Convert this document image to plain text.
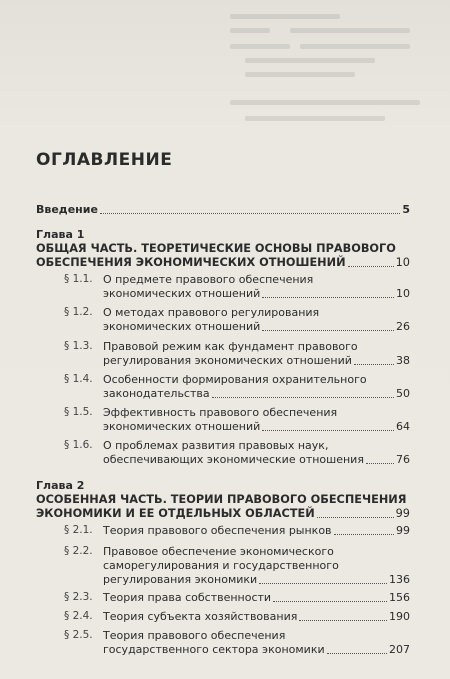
ОГЛАВЛЕНИЕ
Введение	5
Глава 1
ОБЩАЯ ЧАСТЬ. ТЕОРЕТИЧЕСКИЕ ОСНОВЫ ПРАВОВОГО
ОБЕСПЕЧЕНИЯ ЭКОНОМИЧЕСКИХ ОТНОШЕНИЙ	10
§ 1.1. О предмете правового обеспечения
экономических отношений	10
§ 1.2. О методах правового регулирования
экономических отношений	26
§ 1.3. Правовой режим как фундамент правового
регулирования экономических отношений	38
§ 1.4. Особенности формирования охранительного
законодательства	50
§ 1.5. Эффективность правового обеспечения
экономических отношений	64
§ 1.6. О проблемах развития правовых наук,
обеспечивающих экономические отношения	76
Глава 2
ОСОБЕННАЯ ЧАСТЬ. ТЕОРИИ ПРАВОВОГО ОБЕСПЕЧЕНИЯ
ЭКОНОМИКИ И ЕЕ ОТДЕЛЬНЫХ ОБЛАСТЕЙ	99
§ 2.1. Теория правового обеспечения рынков	99
§ 2.2. Правовое обеспечение экономического
саморегулирования и государственного
регулирования экономики	136
§ 2.3. Теория права собственности	156
§ 2.4. Теория субъекта хозяйствования	190
§ 2.5. Теория правового обеспечения
государственного сектора экономики	207
